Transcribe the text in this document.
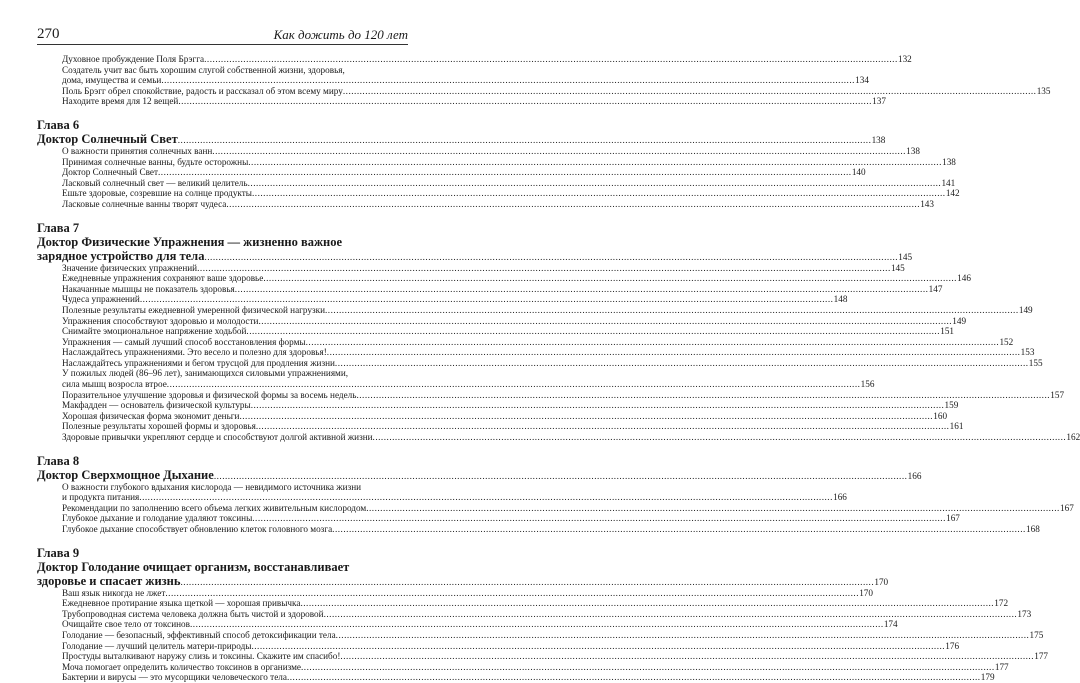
270	Как дожить до 120 лет
Духовное пробуждение Поля Брэгга .....	132
Создатель учит вас быть хорошим слугой собственной жизни, здоровья,
дома, имущества и семьи .....	134
Поль Брэгг обрел спокойствие, радость и рассказал об этом всему миру .....	135
Находите время для 12 вещей .....	137
Глава 6
Доктор Солнечный Свет .....	138
О важности принятия солнечных ванн .....	138
Принимая солнечные ванны, будьте осторожны .....	138
Доктор Солнечный Свет .....	140
Ласковый солнечный свет — великий целитель .....	141
Ешьте здоровые, созревшие на солнце продукты .....	142
Ласковые солнечные ванны творят чудеса .....	143
Глава 7
Доктор Физические Упражнения — жизненно важное
зарядное устройство для тела .....	145
Значение физических упражнений .....	145
Ежедневные упражнения сохраняют ваше здоровье .....	146
Накачанные мышцы не показатель здоровья .....	147
Чудеса упражнений .....	148
Полезные результаты ежедневной умеренной физической нагрузки .....	149
Упражнения способствуют здоровью и молодости .....	149
Снимайте эмоциональное напряжение ходьбой .....	151
Упражнения — самый лучший способ восстановления формы .....	152
Наслаждайтесь упражнениями. Это весело и полезно для здоровья! .....	153
Наслаждайтесь упражнениями и бегом трусцой для продления жизни .....	155
У пожилых людей (86–96 лет), занимающихся силовыми упражнениями,
сила мышц возросла втрое .....	156
Поразительное улучшение здоровья и физической формы за восемь недель .....	157
Макфадден — основатель физической культуры .....	159
Хорошая физическая форма экономит деньги .....	160
Полезные результаты хорошей формы и здоровья .....	161
Здоровые привычки укрепляют сердце и способствуют долгой активной жизни .....	162
Глава 8
Доктор Сверхмощное Дыхание .....	166
О важности глубокого вдыхания кислорода — невидимого источника жизни
и продукта питания .....	166
Рекомендации по заполнению всего объема легких живительным кислородом .....	167
Глубокое дыхание и голодание удаляют токсины .....	167
Глубокое дыхание способствует обновлению клеток головного мозга .....	168
Глава 9
Доктор Голодание очищает организм, восстанавливает
здоровье и спасает жизнь .....	170
Ваш язык никогда не лжет .....	170
Ежедневное протирание языка щеткой — хорошая привычка .....	172
Трубопроводная система человека должна быть чистой и здоровой .....	173
Очищайте свое тело от токсинов .....	174
Голодание — безопасный, эффективный способ детоксификации тела .....	175
Голодание — лучший целитель матери-природы .....	176
Простуды выталкивают наружу слизь и токсины. Скажите им спасибо! .....	177
Моча помогает определить количество токсинов в организме .....	177
Бактерии и вирусы — это мусорщики человеческого тела .....	179
